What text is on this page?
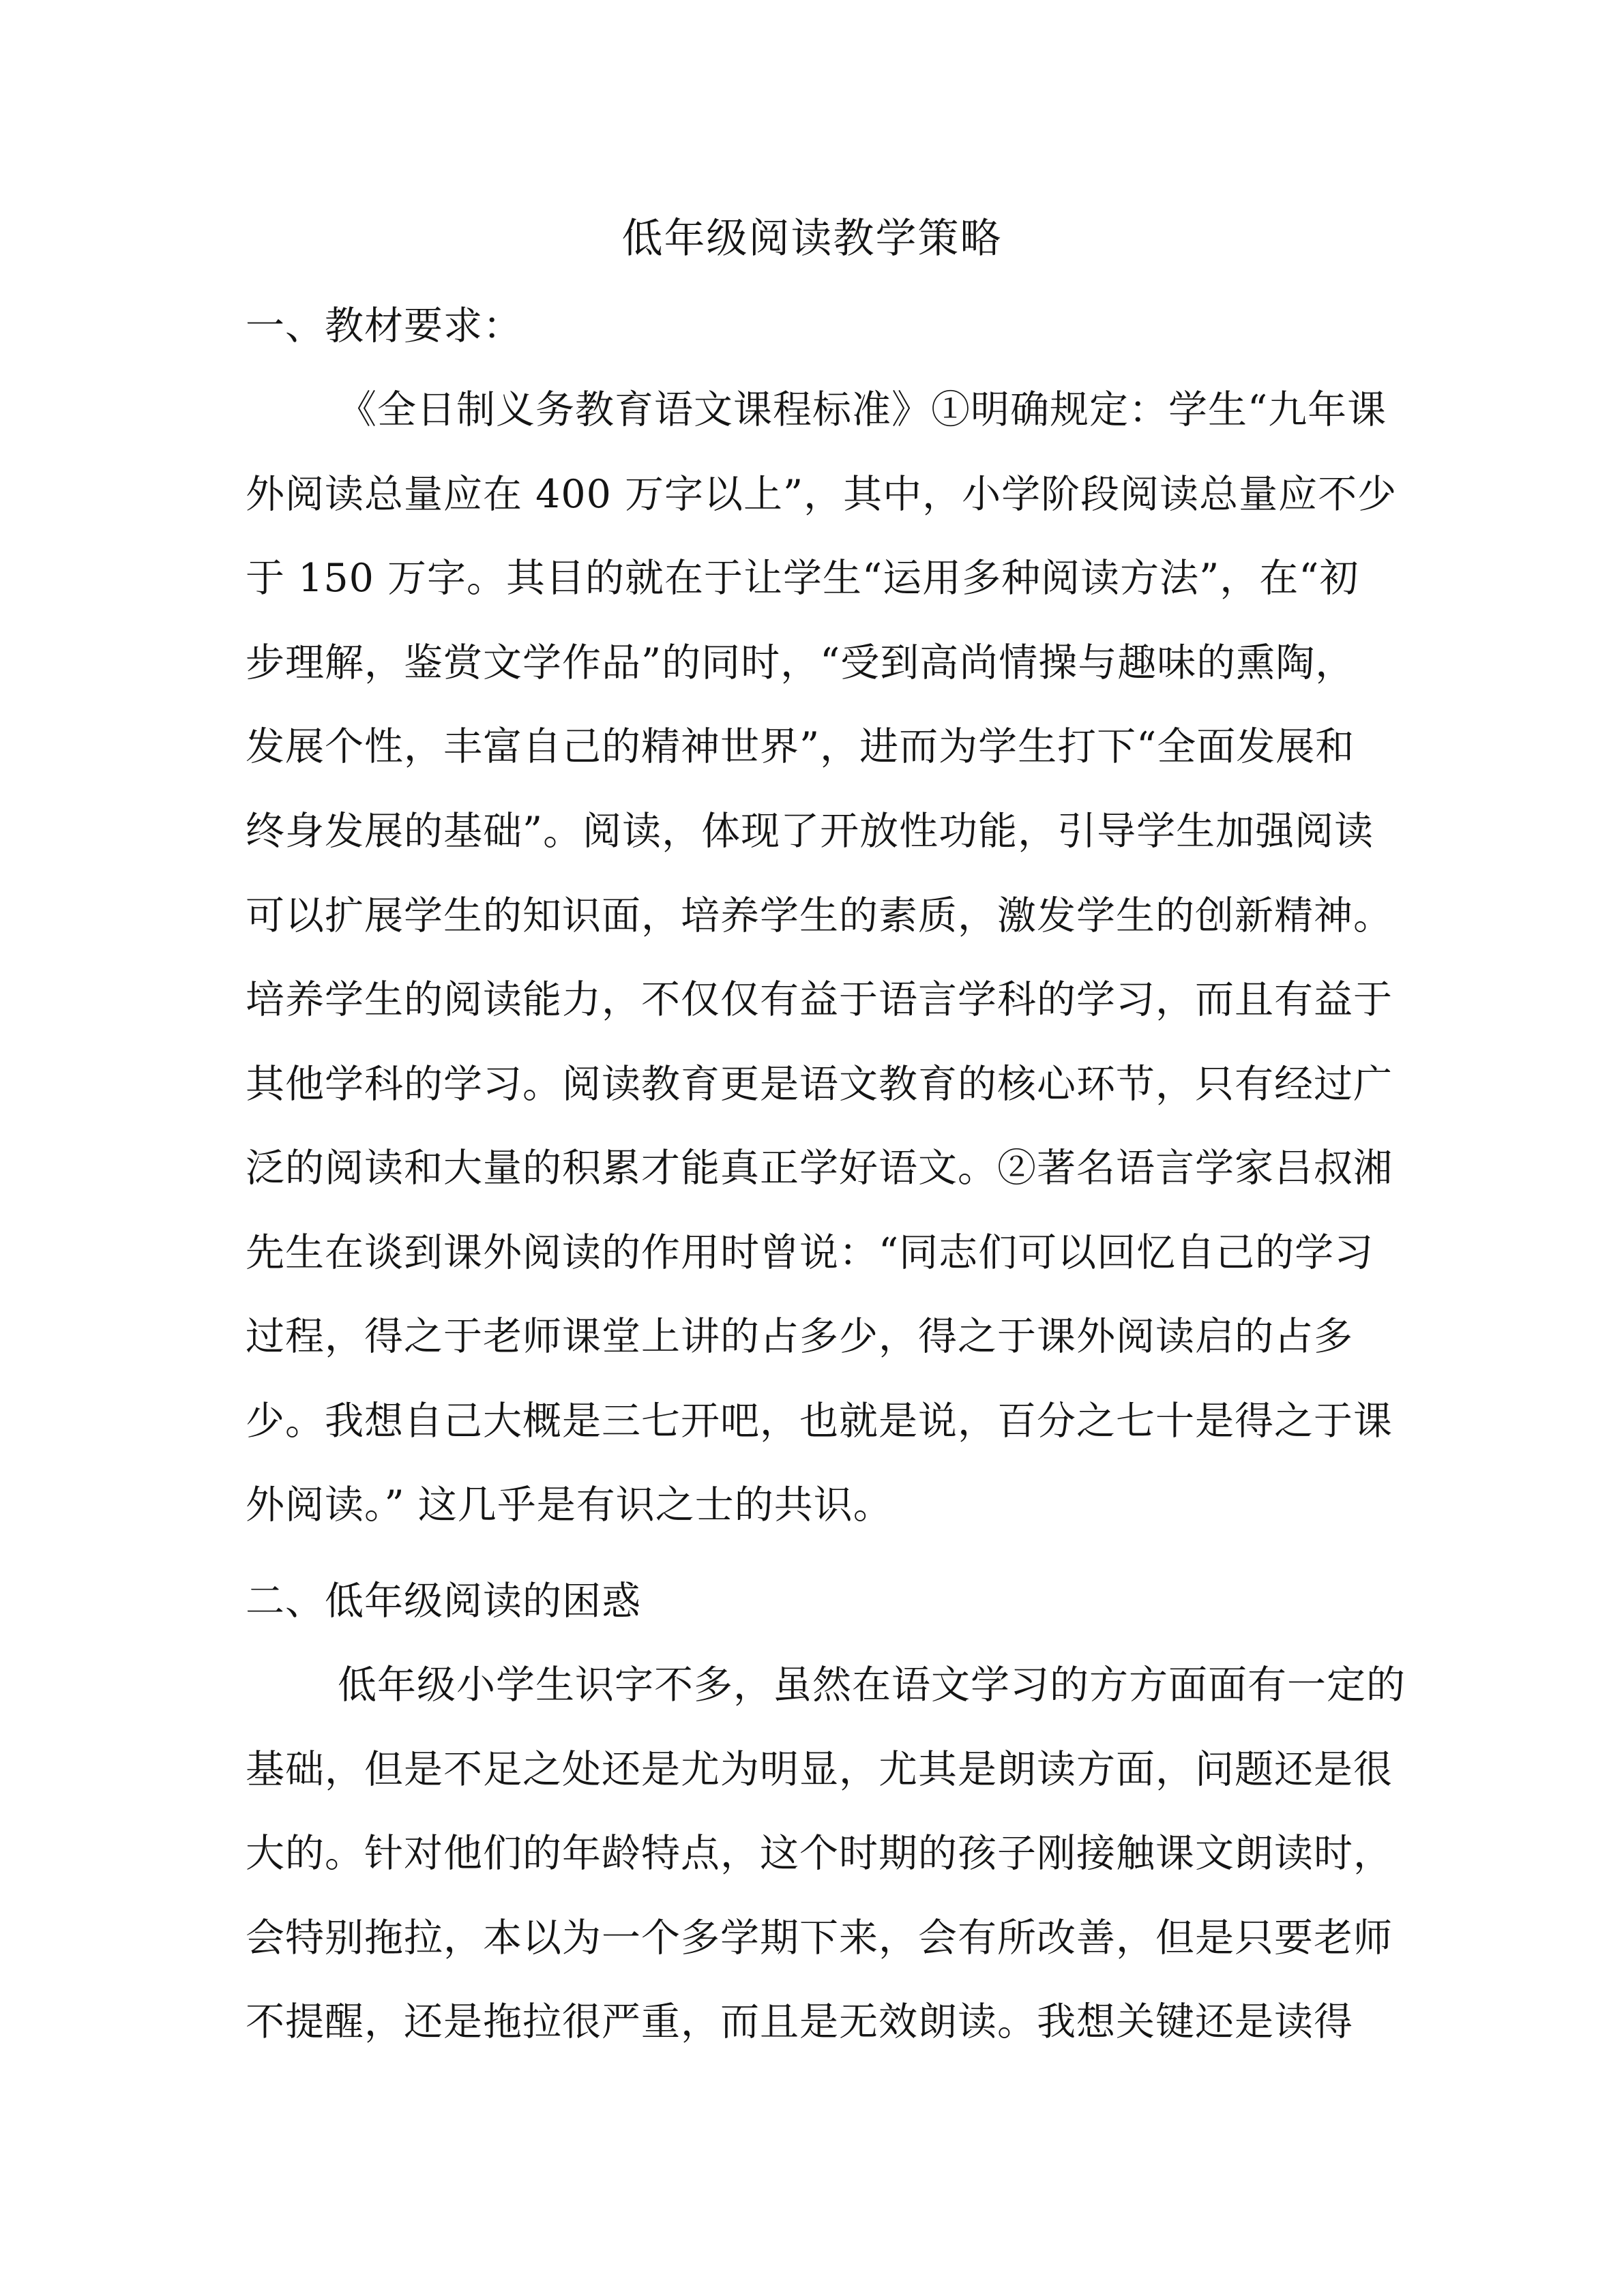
低年级阅读教学策略
一、教材要求：
《全日制义务教育语文课程标准》①明确规定：学生“九年课
外阅读总量应在 400 万字以上”，其中，小学阶段阅读总量应不少
于 150 万字。其目的就在于让学生“运用多种阅读方法”，在“初
步理解，鉴赏文学作品”的同时，“受到高尚情操与趣味的熏陶，
发展个性，丰富自己的精神世界”，进而为学生打下“全面发展和
终身发展的基础”。阅读，体现了开放性功能，引导学生加强阅读
可以扩展学生的知识面，培养学生的素质，激发学生的创新精神。
培养学生的阅读能力，不仅仅有益于语言学科的学习，而且有益于
其他学科的学习。阅读教育更是语文教育的核心环节，只有经过广
泛的阅读和大量的积累才能真正学好语文。②著名语言学家吕叔湘
先生在谈到课外阅读的作用时曾说：“同志们可以回忆自己的学习
过程，得之于老师课堂上讲的占多少，得之于课外阅读启的占多
少。我想自己大概是三七开吧，也就是说，百分之七十是得之于课
外阅读。” 这几乎是有识之士的共识。
二、低年级阅读的困惑
低年级小学生识字不多，虽然在语文学习的方方面面有一定的
基础，但是不足之处还是尤为明显，尤其是朗读方面，问题还是很
大的。针对他们的年龄特点，这个时期的孩子刚接触课文朗读时，
会特别拖拉，本以为一个多学期下来，会有所改善，但是只要老师
不提醒，还是拖拉很严重，而且是无效朗读。我想关键还是读得
